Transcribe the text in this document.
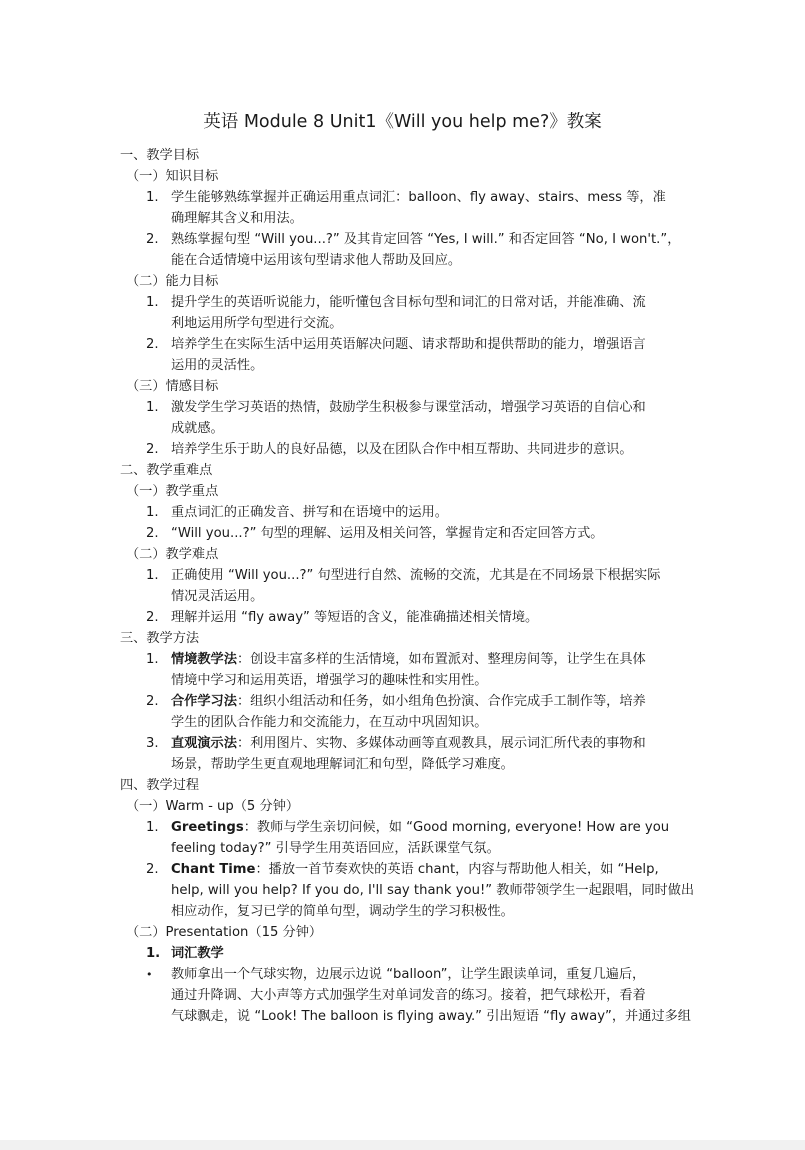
英语 Module 8 Unit1《Will you help me?》教案
一、教学目标
（一）知识目标
1. 学生能够熟练掌握并正确运用重点词汇：balloon、fly away、stairs、mess 等，准
确理解其含义和用法。
2. 熟练掌握句型 “Will you...?” 及其肯定回答 “Yes, I will.” 和否定回答 “No, I won't.”，
能在合适情境中运用该句型请求他人帮助及回应。
（二）能力目标
1. 提升学生的英语听说能力，能听懂包含目标句型和词汇的日常对话，并能准确、流
利地运用所学句型进行交流。
2. 培养学生在实际生活中运用英语解决问题、请求帮助和提供帮助的能力，增强语言
运用的灵活性。
（三）情感目标
1. 激发学生学习英语的热情，鼓励学生积极参与课堂活动，增强学习英语的自信心和
成就感。
2. 培养学生乐于助人的良好品德，以及在团队合作中相互帮助、共同进步的意识。
二、教学重难点
（一）教学重点
1. 重点词汇的正确发音、拼写和在语境中的运用。
2. “Will you...?” 句型的理解、运用及相关问答，掌握肯定和否定回答方式。
（二）教学难点
1. 正确使用 “Will you...?” 句型进行自然、流畅的交流，尤其是在不同场景下根据实际
情况灵活运用。
2. 理解并运用 “fly away” 等短语的含义，能准确描述相关情境。
三、教学方法
1. 情境教学法：创设丰富多样的生活情境，如布置派对、整理房间等，让学生在具体
情境中学习和运用英语，增强学习的趣味性和实用性。
2. 合作学习法：组织小组活动和任务，如小组角色扮演、合作完成手工制作等，培养
学生的团队合作能力和交流能力，在互动中巩固知识。
3. 直观演示法：利用图片、实物、多媒体动画等直观教具，展示词汇所代表的事物和
场景，帮助学生更直观地理解词汇和句型，降低学习难度。
四、教学过程
（一）Warm - up（5 分钟）
1. Greetings：教师与学生亲切问候，如 “Good morning, everyone! How are you
feeling today?” 引导学生用英语回应，活跃课堂气氛。
2. Chant Time：播放一首节奏欢快的英语 chant，内容与帮助他人相关，如 “Help,
help, will you help? If you do, I'll say thank you!” 教师带领学生一起跟唱，同时做出
相应动作，复习已学的简单句型，调动学生的学习积极性。
（二）Presentation（15 分钟）
1. 词汇教学
• 教师拿出一个气球实物，边展示边说 “balloon”，让学生跟读单词，重复几遍后，
通过升降调、大小声等方式加强学生对单词发音的练习。接着，把气球松开，看着
气球飘走，说 “Look! The balloon is flying away.” 引出短语 “fly away”，并通过多组
